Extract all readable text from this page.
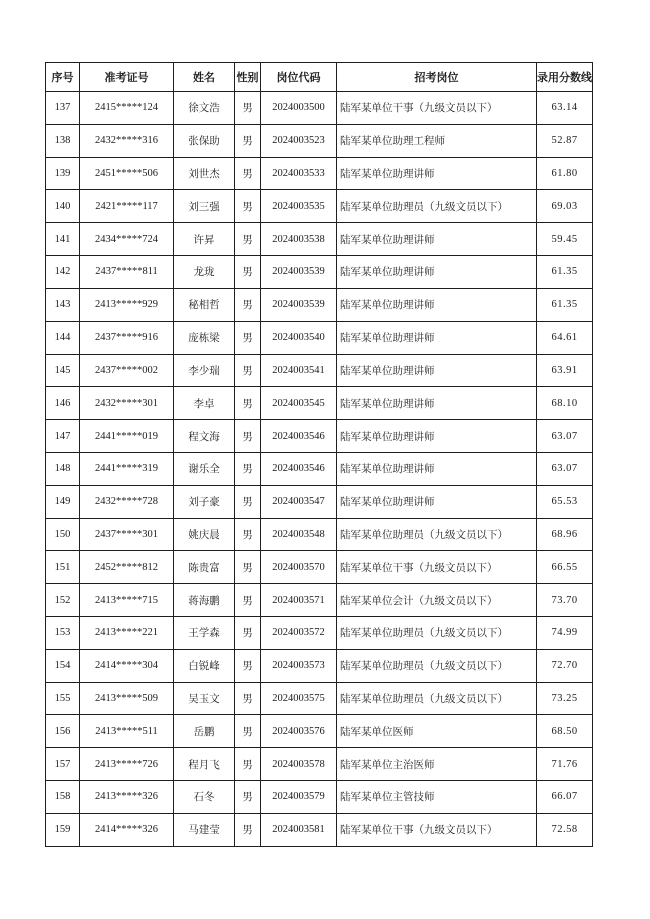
序号	准考证号	姓名	性别	岗位代码	招考岗位	录用分数线
137	2415*****124	徐文浩	男	2024003500	陆军某单位干事（九级文员以下）	63.14
138	2432*****316	张保助	男	2024003523	陆军某单位助理工程师	52.87
139	2451*****506	刘世杰	男	2024003533	陆军某单位助理讲师	61.80
140	2421*****117	刘三强	男	2024003535	陆军某单位助理员（九级文员以下）	69.03
141	2434*****724	许昇	男	2024003538	陆军某单位助理讲师	59.45
142	2437*****811	龙珑	男	2024003539	陆军某单位助理讲师	61.35
143	2413*****929	秘相哲	男	2024003539	陆军某单位助理讲师	61.35
144	2437*****916	庞栋梁	男	2024003540	陆军某单位助理讲师	64.61
145	2437*****002	李少瑞	男	2024003541	陆军某单位助理讲师	63.91
146	2432*****301	李卓	男	2024003545	陆军某单位助理讲师	68.10
147	2441*****019	程文海	男	2024003546	陆军某单位助理讲师	63.07
148	2441*****319	谢乐全	男	2024003546	陆军某单位助理讲师	63.07
149	2432*****728	刘子豪	男	2024003547	陆军某单位助理讲师	65.53
150	2437*****301	姚庆晨	男	2024003548	陆军某单位助理员（九级文员以下）	68.96
151	2452*****812	陈贵富	男	2024003570	陆军某单位干事（九级文员以下）	66.55
152	2413*****715	蒋海鹏	男	2024003571	陆军某单位会计（九级文员以下）	73.70
153	2413*****221	王学森	男	2024003572	陆军某单位助理员（九级文员以下）	74.99
154	2414*****304	白锐峰	男	2024003573	陆军某单位助理员（九级文员以下）	72.70
155	2413*****509	吴玉文	男	2024003575	陆军某单位助理员（九级文员以下）	73.25
156	2413*****511	岳鹏	男	2024003576	陆军某单位医师	68.50
157	2413*****726	程月飞	男	2024003578	陆军某单位主治医师	71.76
158	2413*****326	石冬	男	2024003579	陆军某单位主管技师	66.07
159	2414*****326	马建莹	男	2024003581	陆军某单位干事（九级文员以下）	72.58
